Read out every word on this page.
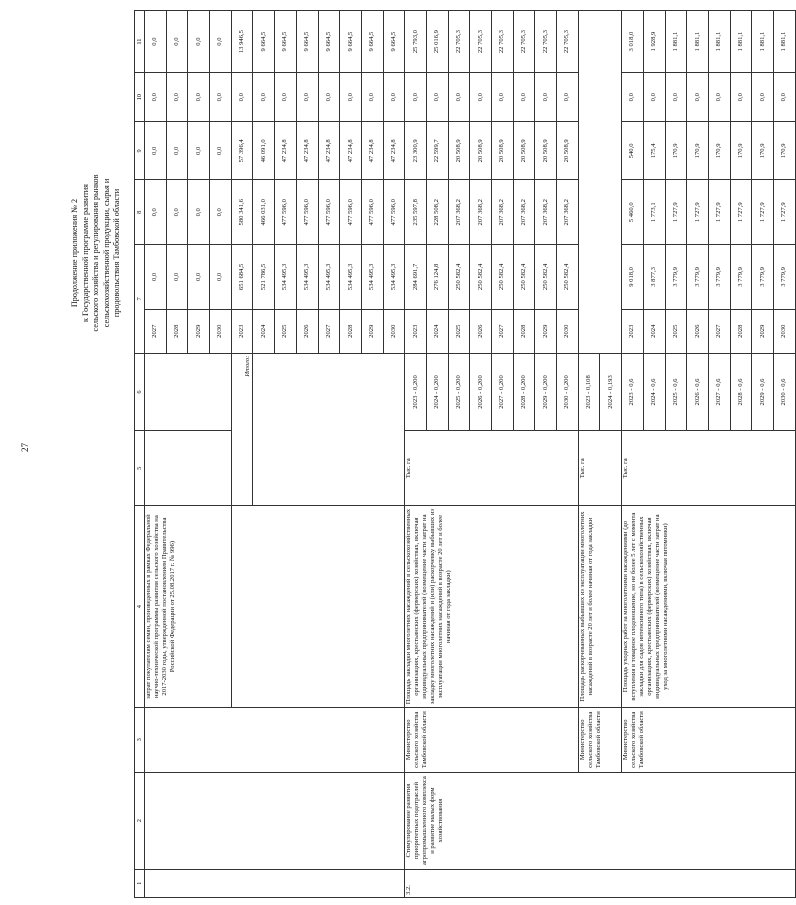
27
Продолжение приложения № 2 к Государственной программе развития сельского хозяйства и регулирования рынков сельскохозяйственной продукции, сырья и продовольствия Тамбовской области
1	2	3	4	5	6	7		8	9	10	11
			затрат покупателям семян, произведенных в рамках Федеральной научно-технической программы развития сельского хозяйства на 2017-2030 годы, утвержденной постановлением Правительства Российской Федерации от 25.08.2017 г. № 996)			2027	0,0	0,0	0,0	0,0	0,0
						2028	0,0	0,0	0,0	0,0	0,0
						2029	0,0	0,0	0,0	0,0	0,0
						2030	0,0	0,0	0,0	0,0	0,0
				Итого:		2023	651 684,5	580 341,6	57 396,4	0,0	13 946,5
						2024	521 786,5	466 031,0	46 091,0	0,0	9 664,5
						2025	534 495,3	477 596,0	47 234,8	0,0	9 664,5
						2026	534 495,3	477 596,0	47 234,8	0,0	9 664,5
						2027	534 495,3	477 596,0	47 234,8	0,0	9 664,5
						2028	534 495,3	477 596,0	47 234,8	0,0	9 664,5
						2029	534 495,3	477 596,0	47 234,8	0,0	9 664,5
						2030	534 495,3	477 596,0	47 234,8	0,0	9 664,5
3.2.	Стимулирование развития приоритетных подотраслей агропромышленного комплекса и развитие малых форм хозяйствования	Министерство сельского хозяйства Тамбовской области	Площадь закладки многолетних насаждений в сельскохозяйственных организациях, крестьянских (фермерских) хозяйствах, включая индивидуальных предпринимателей (возмещение части затрат на закладку многолетних насаждений и (или) раскорчевку выбывших из эксплуатации многолетних насаждений в возрасте 20 лет и более начиная от года закладки)	Тыс. га	2023 - 0,200	2023	284 691,7	235 597,8	23 300,9	0,0	25 793,0
					2024 - 0,200	2024	276 124,8	228 508,2	22 599,7	0,0	25 016,9
					2025 - 0,200	2025	250 582,4	207 368,2	20 508,9	0,0	22 705,3
					2026 - 0,200	2026	250 582,4	207 368,2	20 508,9	0,0	22 705,3
					2027 - 0,200	2027	250 582,4	207 368,2	20 508,9	0,0	22 705,3
					2028 - 0,200	2028	250 582,4	207 368,2	20 508,9	0,0	22 705,3
					2029 - 0,200	2029	250 582,4	207 368,2	20 508,9	0,0	22 705,3
					2030 - 0,200	2030	250 582,4	207 368,2	20 508,9	0,0	22 705,3
		Министерство сельского хозяйства Тамбовской области	Площадь раскорчеванных выбывших из эксплуатации многолетних насаждений в возрасте 20 лет и более начиная от года закладки	Тыс. га	2023 - 0,108						
					2024 - 0,193						
		Министерство сельского хозяйства Тамбовской области	Площадь уходных работ за многолетними насаждениями (до вступления в товарное плодоношение, но не более 5 лет с момента закладки для садов интенсивного типа) в сельскохозяйственных организациях, крестьянских (фермерских) хозяйствах, включая индивидуальных предпринимателей (возмещение части затрат на уход за многолетними насаждениями, включая питомники)	Тыс. га	2023 - 0,6	2023	9 018,0	5 460,0	540,0	0,0	3 018,0
					2024 - 0,6	2024	3 877,3	1 773,1	175,4	0,0	1 928,9
					2025 - 0,6	2025	3 779,9	1 727,9	170,9	0,0	1 881,1
					2026 - 0,6	2026	3 779,9	1 727,9	170,9	0,0	1 881,1
					2027 - 0,6	2027	3 779,9	1 727,9	170,9	0,0	1 881,1
					2028 - 0,6	2028	3 779,9	1 727,9	170,9	0,0	1 881,1
					2029 - 0,6	2029	3 779,9	1 727,9	170,9	0,0	1 881,1
					2030 - 0,6	2030	3 779,9	1 727,9	170,9	0,0	1 881,1
